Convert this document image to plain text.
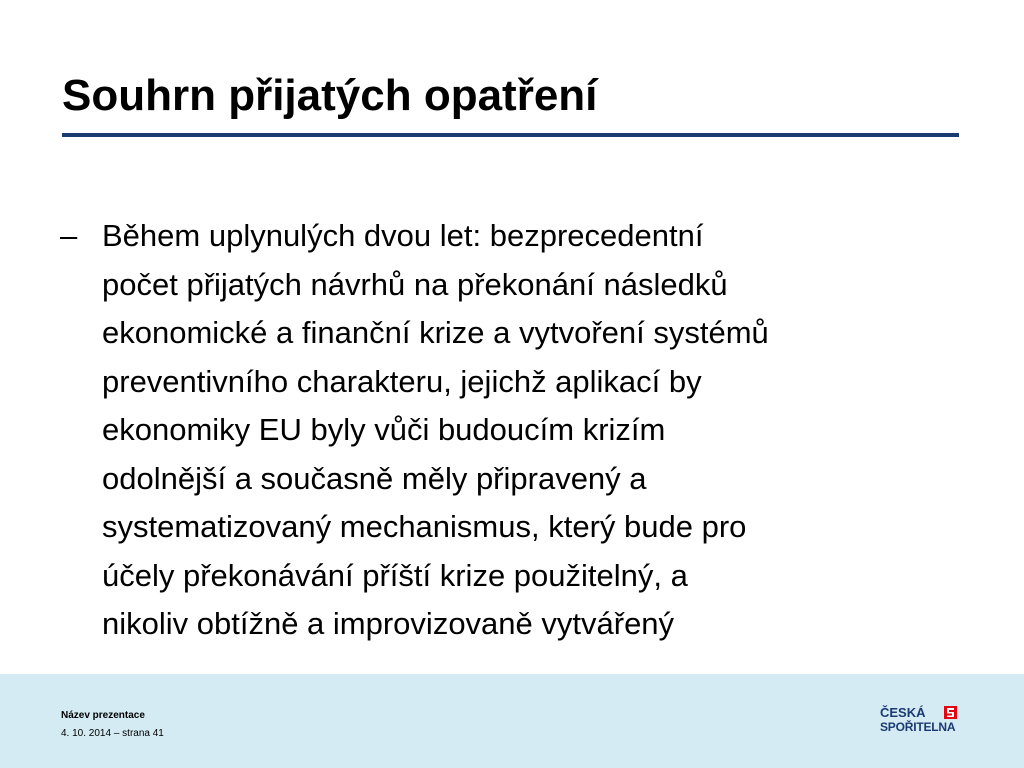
Souhrn přijatých opatření
– Během uplynulých dvou let: bezprecedentní
počet přijatých návrhů na překonání následků
ekonomické a finanční krize a vytvoření systémů
preventivního charakteru, jejichž aplikací by
ekonomiky EU byly vůči budoucím krizím
odolnější a současně měly připravený a
systematizovaný mechanismus, který bude pro
účely překonávání příští krize použitelný, a
nikoliv obtížně a improvizovaně vytvářený
Název prezentace
4. 10. 2014 – strana 41
ČESKÁ
SPOŘITELNA
